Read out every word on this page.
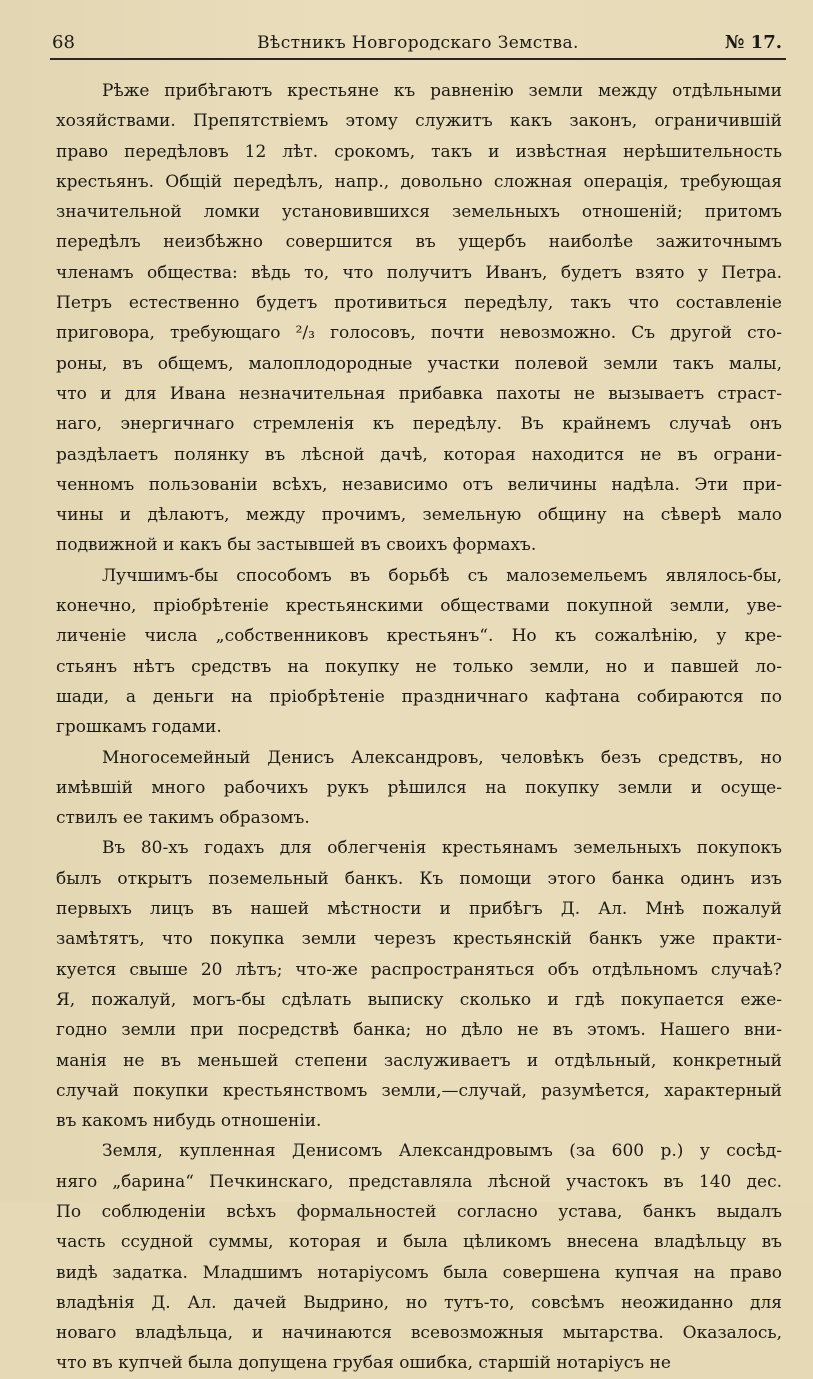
68	Вѣстникъ Новгородскаго Земства.	№ 17.
Рѣже прибѣгаютъ крестьяне къ равненію земли между отдѣльными
хозяйствами. Препятствіемъ этому служитъ какъ законъ, ограничившій
право передѣловъ 12 лѣт. срокомъ, такъ и извѣстная нерѣшительность
крестьянъ. Общій передѣлъ, напр., довольно сложная операція, требующая
значительной ломки установившихся земельныхъ отношеній; притомъ
передѣлъ неизбѣжно совершится въ ущербъ наиболѣе зажиточнымъ
членамъ общества: вѣдь то, что получитъ Иванъ, будетъ взято у Петра.
Петръ естественно будетъ противиться передѣлу, такъ что составленіе
приговора, требующаго ²/₃ голосовъ, почти невозможно. Съ другой сто-
роны, въ общемъ, малоплодородные участки полевой земли такъ малы,
что и для Ивана незначительная прибавка пахоты не вызываетъ страст-
наго, энергичнаго стремленія къ передѣлу. Въ крайнемъ случаѣ онъ
раздѣлаетъ полянку въ лѣсной дачѣ, которая находится не въ ограни-
ченномъ пользованіи всѣхъ, независимо отъ величины надѣла. Эти при-
чины и дѣлаютъ, между прочимъ, земельную общину на сѣверѣ мало
подвижной и какъ бы застывшей въ своихъ формахъ.
Лучшимъ-бы способомъ въ борьбѣ съ малоземельемъ являлось-бы,
конечно, пріобрѣтеніе крестьянскими обществами покупной земли, уве-
личеніе числа „собственниковъ крестьянъ“. Но къ сожалѣнію, у кре-
стьянъ нѣтъ средствъ на покупку не только земли, но и павшей ло-
шади, а деньги на пріобрѣтеніе праздничнаго кафтана собираются по
грошкамъ годами.
Многосемейный Денисъ Александровъ, человѣкъ безъ средствъ, но
имѣвшій много рабочихъ рукъ рѣшился на покупку земли и осуще-
ствилъ ее такимъ образомъ.
Въ 80-хъ годахъ для облегченія крестьянамъ земельныхъ покупокъ
былъ открытъ поземельный банкъ. Къ помощи этого банка одинъ изъ
первыхъ лицъ въ нашей мѣстности и прибѣгъ Д. Ал. Мнѣ пожалуй
замѣтятъ, что покупка земли черезъ крестьянскій банкъ уже практи-
куется свыше 20 лѣтъ; что-же распространяться объ отдѣльномъ случаѣ?
Я, пожалуй, могъ-бы сдѣлать выписку сколько и гдѣ покупается еже-
годно земли при посредствѣ банка; но дѣло не въ этомъ. Нашего вни-
манія не въ меньшей степени заслуживаетъ и отдѣльный, конкретный
случай покупки крестьянствомъ земли,—случай, разумѣется, характерный
въ какомъ нибудь отношеніи.
Земля, купленная Денисомъ Александровымъ (за 600 р.) у сосѣд-
няго „барина“ Печкинскаго, представляла лѣсной участокъ въ 140 дес.
По соблюденіи всѣхъ формальностей согласно устава, банкъ выдалъ
часть ссудной суммы, которая и была цѣликомъ внесена владѣльцу въ
видѣ задатка. Младшимъ нотаріусомъ была совершена купчая на право
владѣнія Д. Ал. дачей Выдрино, но тутъ-то, совсѣмъ неожиданно для
новаго владѣльца, и начинаются всевозможныя мытарства. Оказалось,
что въ купчей была допущена грубая ошибка, старшій нотаріусъ не
